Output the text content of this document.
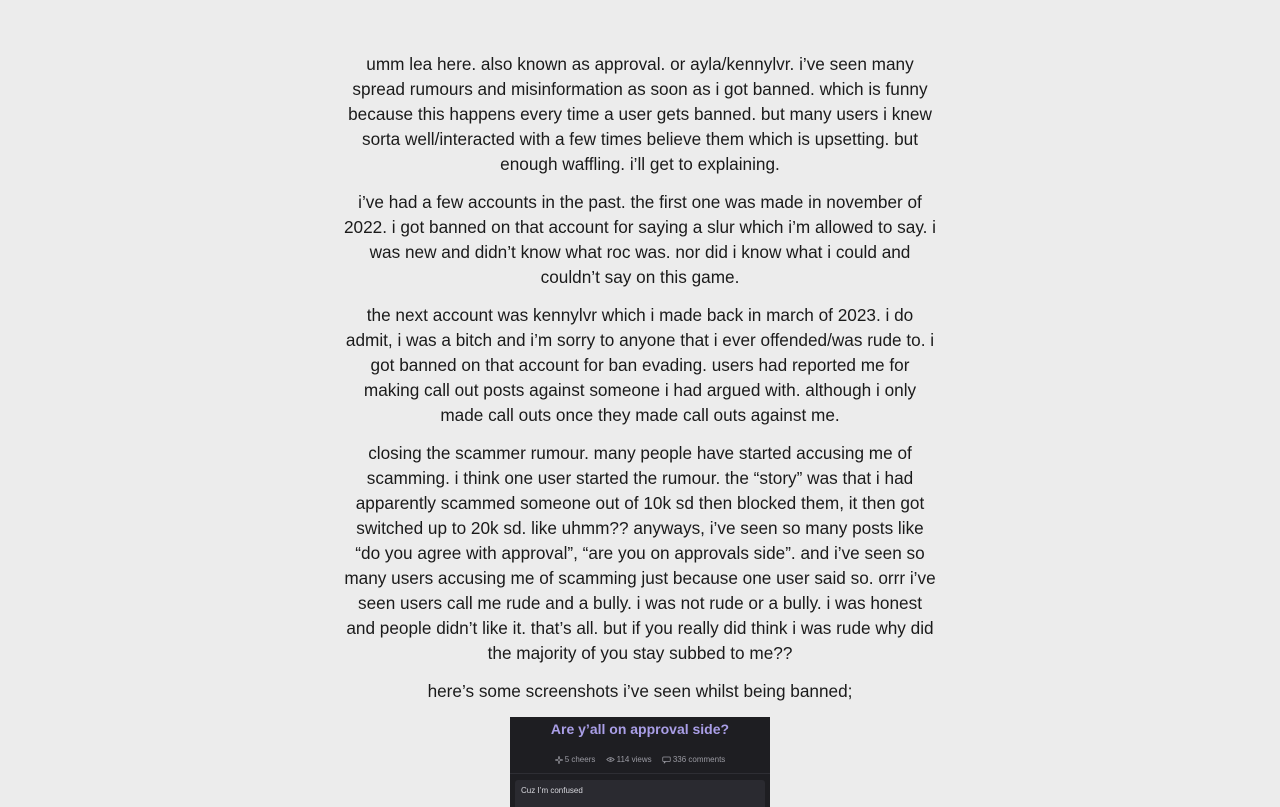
umm lea here. also known as approval. or ayla/kennylvr. i’ve seen many spread rumours and misinformation as soon as i got banned. which is funny because this happens every time a user gets banned. but many users i knew sorta well/interacted with a few times believe them which is upsetting. but enough waffling. i’ll get to explaining.

i’ve had a few accounts in the past. the first one was made in november of 2022. i got banned on that account for saying a slur which i’m allowed to say. i was new and didn’t know what roc was. nor did i know what i could and couldn’t say on this game.

the next account was kennylvr which i made back in march of 2023. i do admit, i was a bitch and i’m sorry to anyone that i ever offended/was rude to. i got banned on that account for ban evading. users had reported me for making call out posts against someone i had argued with. although i only made call outs once they made call outs against me.

closing the scammer rumour. many people have started accusing me of scamming. i think one user started the rumour. the “story” was that i had apparently scammed someone out of 10k sd then blocked them, it then got switched up to 20k sd. like uhmm?? anyways, i’ve seen so many posts like “do you agree with approval”, “are you on approvals side”. and i’ve seen so many users accusing me of scamming just because one user said so. orrr i’ve seen users call me rude and a bully. i was not rude or a bully. i was honest and people didn’t like it. that’s all. but if you really did think i was rude why did the majority of you stay subbed to me??

here’s some screenshots i’ve seen whilst being banned;

Are y’all on approval side?
5 cheers	114 views	336 comments
Cuz I’m confused
